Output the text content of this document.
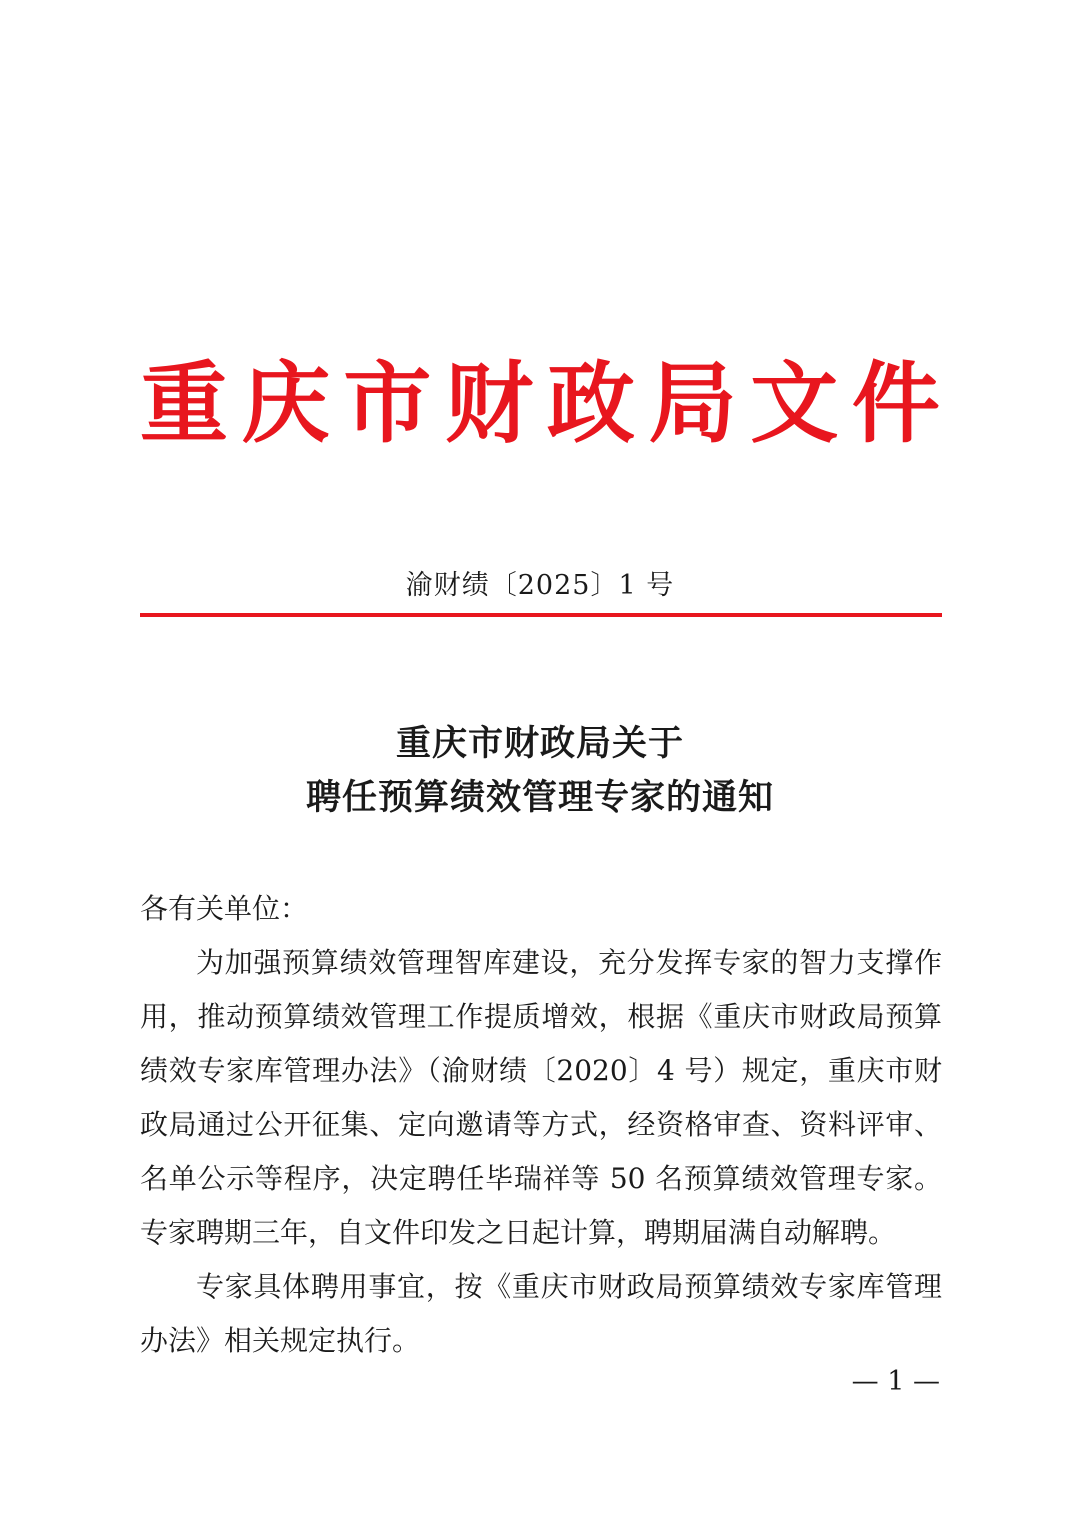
重 庆 市 财 政 局 文 件
渝财绩〔2025〕1 号
重庆市财政局关于
聘任预算绩效管理专家的通知

各有关单位：

为加强预算绩效管理智库建设，充分发挥专家的智力支撑作用，推动预算绩效管理工作提质增效，根据《重庆市财政局预算绩效专家库管理办法》（渝财绩〔2020〕4 号）规定，重庆市财政局通过公开征集、定向邀请等方式，经资格审查、资料评审、名单公示等程序，决定聘任毕瑞祥等 50 名预算绩效管理专家。专家聘期三年，自文件印发之日起计算，聘期届满自动解聘。

专家具体聘用事宜，按《重庆市财政局预算绩效专家库管理办法》相关规定执行。

— 1 —
